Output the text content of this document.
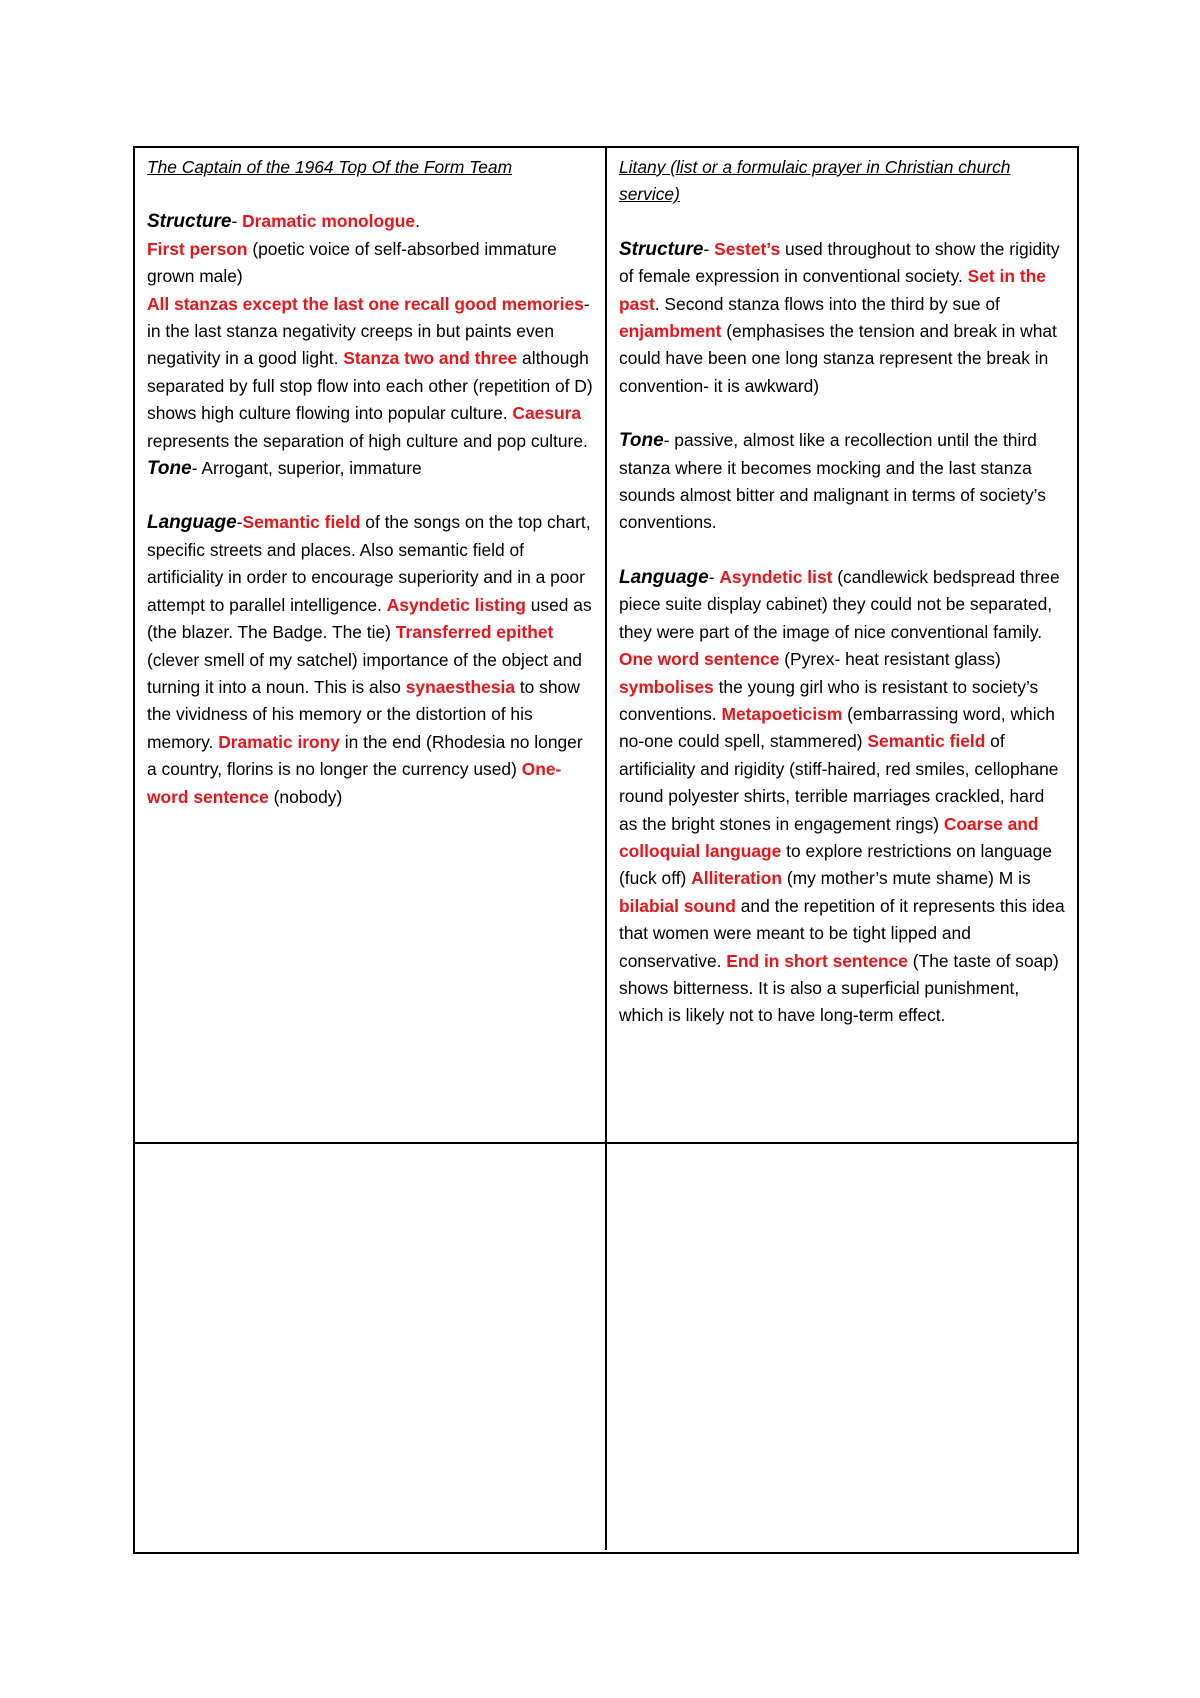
The Captain of the 1964 Top Of the Form Team

Structure- Dramatic monologue.

First person (poetic voice of self-absorbed immature grown male)

All stanzas except the last one recall good memories-

in the last stanza negativity creeps in but paints even negativity in a good light. Stanza two and three although separated by full stop flow into each other (repetition of D) shows high culture flowing into popular culture. Caesura represents the separation of high culture and pop culture.

Tone- Arrogant, superior, immature

Language-Semantic field of the songs on the top chart, specific streets and places. Also semantic field of artificiality in order to encourage superiority and in a poor attempt to parallel intelligence. Asyndetic listing used as (the blazer. The Badge. The tie) Transferred epithet (clever smell of my satchel) importance of the object and turning it into a noun. This is also synaesthesia to show the vividness of his memory or the distortion of his memory. Dramatic irony in the end (Rhodesia no longer a country, florins is no longer the currency used) One-word sentence (nobody)

Litany (list or a formulaic prayer in Christian church service)

Structure- Sestet’s used throughout to show the rigidity of female expression in conventional society. Set in the past. Second stanza flows into the third by sue of enjambment (emphasises the tension and break in what could have been one long stanza represent the break in convention- it is awkward)

Tone- passive, almost like a recollection until the third stanza where it becomes mocking and the last stanza sounds almost bitter and malignant in terms of society’s conventions.

Language- Asyndetic list (candlewick bedspread three piece suite display cabinet) they could not be separated, they were part of the image of nice conventional family. One word sentence (Pyrex- heat resistant glass) symbolises the young girl who is resistant to society’s conventions. Metapoeticism (embarrassing word, which no-one could spell, stammered) Semantic field of artificiality and rigidity (stiff-haired, red smiles, cellophane round polyester shirts, terrible marriages crackled, hard as the bright stones in engagement rings) Coarse and colloquial language to explore restrictions on language (fuck off) Alliteration (my mother’s mute shame) M is bilabial sound and the repetition of it represents this idea that women were meant to be tight lipped and conservative. End in short sentence (The taste of soap) shows bitterness. It is also a superficial punishment, which is likely not to have long-term effect.
